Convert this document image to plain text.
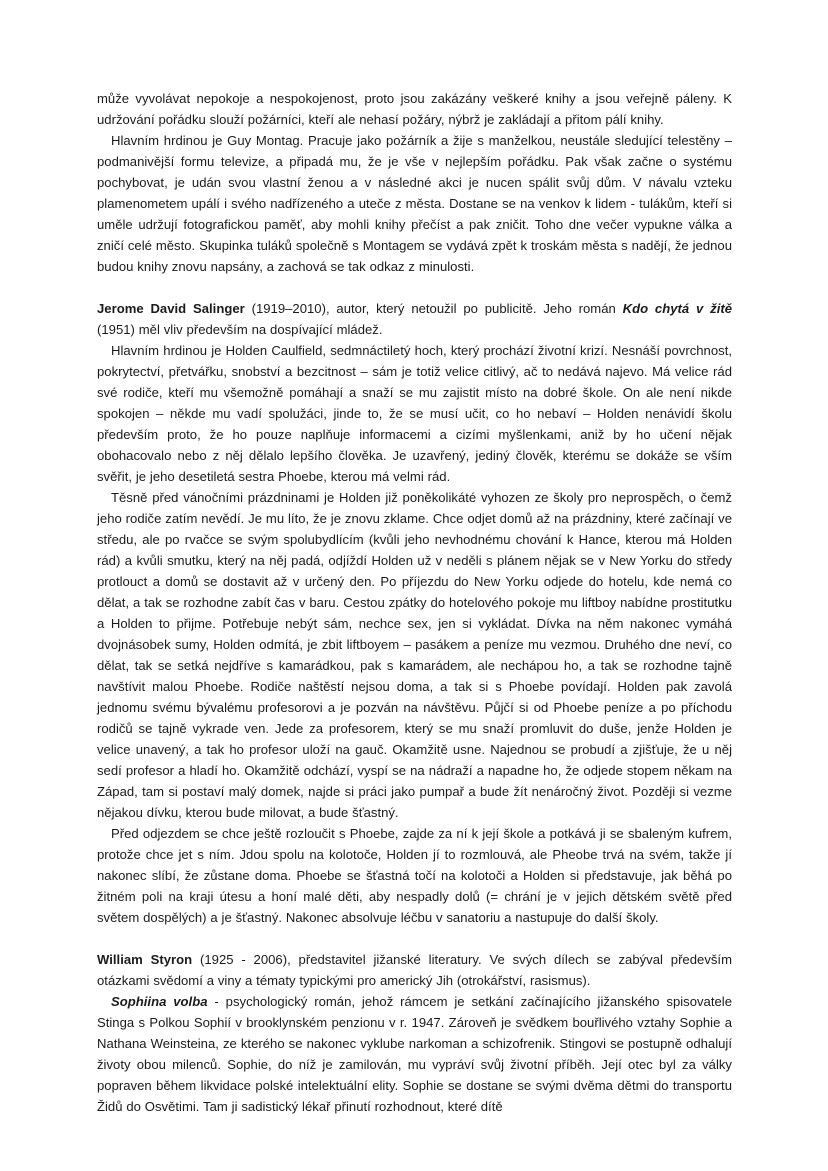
může vyvolávat nepokoje a nespokojenost, proto jsou zakázány veškeré knihy a jsou veřejně páleny. K udržování pořádku slouží požárníci, kteří ale nehasí požáry, nýbrž je zakládají a přitom pálí knihy.

Hlavním hrdinou je Guy Montag. Pracuje jako požárník a žije s manželkou, neustále sledující telestěny – podmanivější formu televize, a připadá mu, že je vše v nejlepším pořádku. Pak však začne o systému pochybovat, je udán svou vlastní ženou a v následné akci je nucen spálit svůj dům. V návalu vzteku plamenometem upálí i svého nadřízeného a uteče z města. Dostane se na venkov k lidem - tulákům, kteří si uměle udržují fotografickou paměť, aby mohli knihy přečíst a pak zničit. Toho dne večer vypukne válka a zničí celé město. Skupinka tuláků společně s Montagem se vydává zpět k troskám města s nadějí, že jednou budou knihy znovu napsány, a zachová se tak odkaz z minulosti.

Jerome David Salinger (1919–2010), autor, který netoužil po publicitě. Jeho román Kdo chytá v žitě (1951) měl vliv především na dospívající mládež.

Hlavním hrdinou je Holden Caulfield, sedmnáctiletý hoch, který prochází životní krizí. Nesnáší povrchnost, pokrytectví, přetvářku, snobství a bezcitnost – sám je totiž velice citlivý, ač to nedává najevo. Má velice rád své rodiče, kteří mu všemožně pomáhají a snaží se mu zajistit místo na dobré škole. On ale není nikde spokojen – někde mu vadí spolužáci, jinde to, že se musí učit, co ho nebaví – Holden nenávidí školu především proto, že ho pouze naplňuje informacemi a cizími myšlenkami, aniž by ho učení nějak obohacovalo nebo z něj dělalo lepšího člověka. Je uzavřený, jediný člověk, kterému se dokáže se vším svěřit, je jeho desetiletá sestra Phoebe, kterou má velmi rád.

Těsně před vánočními prázdninami je Holden již poněkolikáté vyhozen ze školy pro neprospěch, o čemž jeho rodiče zatím nevědí. Je mu líto, že je znovu zklame. Chce odjet domů až na prázdniny, které začínají ve středu, ale po rvačce se svým spolubydlícím (kvůli jeho nevhodnému chování k Hance, kterou má Holden rád) a kvůli smutku, který na něj padá, odjíždí Holden už v neděli s plánem nějak se v New Yorku do středy protlouct a domů se dostavit až v určený den. Po příjezdu do New Yorku odjede do hotelu, kde nemá co dělat, a tak se rozhodne zabít čas v baru. Cestou zpátky do hotelového pokoje mu liftboy nabídne prostitutku a Holden to přijme. Potřebuje nebýt sám, nechce sex, jen si vykládat. Dívka na něm nakonec vymáhá dvojnásobek sumy, Holden odmítá, je zbit liftboyem – pasákem a peníze mu vezmou. Druhého dne neví, co dělat, tak se setká nejdříve s kamarádkou, pak s kamarádem, ale nechápou ho, a tak se rozhodne tajně navštívit malou Phoebe. Rodiče naštěstí nejsou doma, a tak si s Phoebe povídají. Holden pak zavolá jednomu svému bývalému profesorovi a je pozván na návštěvu. Půjčí si od Phoebe peníze a po příchodu rodičů se tajně vykrade ven. Jede za profesorem, který se mu snaží promluvit do duše, jenže Holden je velice unavený, a tak ho profesor uloží na gauč. Okamžitě usne. Najednou se probudí a zjišťuje, že u něj sedí profesor a hladí ho. Okamžitě odchází, vyspí se na nádraží a napadne ho, že odjede stopem někam na Západ, tam si postaví malý domek, najde si práci jako pumpař a bude žít nenáročný život. Později si vezme nějakou dívku, kterou bude milovat, a bude šťastný.

Před odjezdem se chce ještě rozloučit s Phoebe, zajde za ní k její škole a potkává ji se sbaleným kufrem, protože chce jet s ním. Jdou spolu na kolotoče, Holden jí to rozmlouvá, ale Pheobe trvá na svém, takže jí nakonec slíbí, že zůstane doma. Phoebe se šťastná točí na kolotoči a Holden si představuje, jak běhá po žitném poli na kraji útesu a honí malé děti, aby nespadly dolů (= chrání je v jejich dětském světě před světem dospělých) a je šťastný. Nakonec absolvuje léčbu v sanatoriu a nastupuje do další školy.

William Styron (1925 - 2006), představitel jižanské literatury. Ve svých dílech se zabýval především otázkami svědomí a viny a tématy typickými pro americký Jih (otrokářství, rasismus).

Sophiina volba - psychologický román, jehož rámcem je setkání začínajícího jižanského spisovatele Stinga s Polkou Sophií v brooklynském penzionu v r. 1947. Zároveň je svědkem bouřlivého vztahy Sophie a Nathana Weinsteina, ze kterého se nakonec vyklube narkoman a schizofrenik. Stingovi se postupně odhalují životy obou milenců. Sophie, do níž je zamilován, mu vypráví svůj životní příběh. Její otec byl za války popraven během likvidace polské intelektuální elity. Sophie se dostane se svými dvěma dětmi do transportu Židů do Osvětimi. Tam ji sadistický lékař přinutí rozhodnout, které dítě
